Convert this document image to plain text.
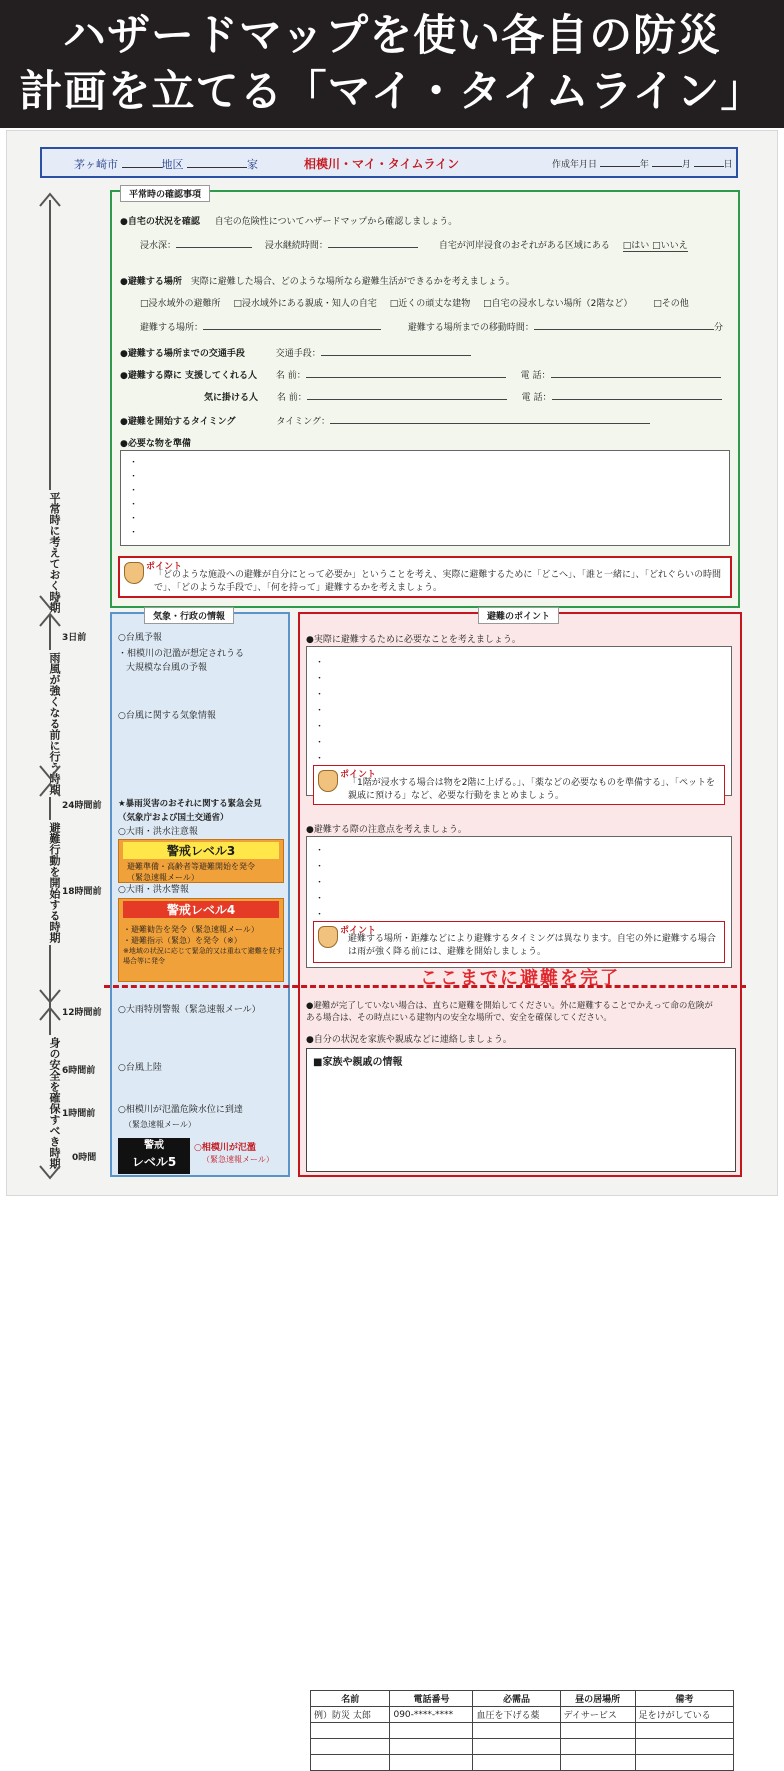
ハザードマップを使い各自の防災
計画を立てる「マイ・タイムライン」
茅ヶ崎市	地区	家	相模川・マイ・タイムライン	作成年月日	年	月	日
平常時に考えておく時期
雨風が強くなる前に行う時期
避難行動を開始する時期
身の安全を確保すべき時期
3日前
24時間前
18時間前
12時間前
6時間前
1時間前
0時間
平常時の確認事項
●自宅の状況を確認 自宅の危険性についてハザードマップから確認しましょう。
浸水深：	浸水継続時間：	自宅が河岸浸食のおそれがある区域にある □はい □いいえ
●避難する場所 実際に避難した場合、どのような場所なら避難生活ができるかを考えましょう。
□浸水域外の避難所 □浸水域外にある親戚・知人の自宅 □近くの頑丈な建物 □自宅の浸水しない場所（2階など） □その他
避難する場所：	避難する場所までの移動時間：	分
●避難する場所までの交通手段	交通手段：
●避難する際に 支援してくれる人 名 前：	電 話：
気に掛ける人 名 前：	電 話：
●避難を開始するタイミング	タイミング：
●必要な物を準備
・
・
・
・
・
・
ポイント
「どのような施設への避難が自分にとって必要か」ということを考え、実際に避難するために「どこへ」、「誰と一緒に」、「どれぐらいの時間で」、「どのような手段で」、「何を持って」避難するかを考えましょう。
気象・行政の情報
○台風予報
・相模川の氾濫が想定されうる
大規模な台風の予報
○台風に関する気象情報
★暴雨災害のおそれに関する緊急会見
（気象庁および国土交通省）
○大雨・洪水注意報
警戒レベル3
避難準備・高齢者等避難開始を発令
（緊急速報メール）
○大雨・洪水警報
警戒レベル4
・避難勧告を発令（緊急速報メール）
・避難指示（緊急）を発令（※）
※地域の状況に応じて緊急的又は重ねて避難を促す場合等に発令
○大雨特別警報（緊急速報メール）
○台風上陸
○相模川が氾濫危険水位に到達
（緊急速報メール）
警戒
レベル5
○相模川が氾濫
（緊急速報メール）
避難のポイント
●実際に避難するために必要なことを考えましょう。
・
・
・
・
・
・
・
ポイント
「1階が浸水する場合は物を2階に上げる。」、「薬などの必要なものを準備する」、「ペットを親戚に預ける」など、必要な行動をまとめましょう。
●避難する際の注意点を考えましょう。
・
・
・
・
・
ポイント
避難する場所・距離などにより避難するタイミングは異なります。自宅の外に避難する場合は雨が強く降る前には、避難を開始しましょう。
ここまでに避難を完了
●避難が完了していない場合は、直ちに避難を開始してください。外に避難することでかえって命の危険がある場合は、その時点にいる建物内の安全な場所で、安全を確保してください。
●自分の状況を家族や親戚などに連絡しましょう。
■家族や親戚の情報
名前	電話番号	必需品	昼の居場所	備考
例）防災 太郎	090-****-****	血圧を下げる薬	デイサービス	足をけがしている
